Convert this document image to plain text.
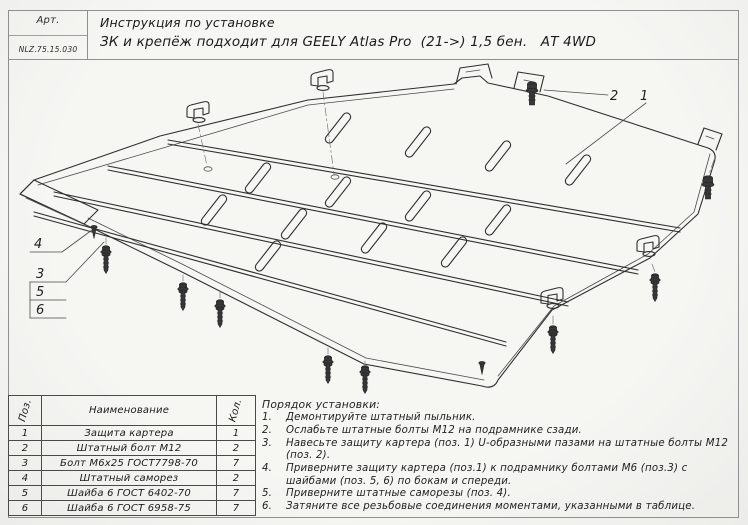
Арт.
NLZ.75.15.030
Инструкция по установке
ЗК и крепёж подходит для GEELY Atlas Pro  (21->) 1,5 бен.   АТ 4WD
2 1
4
3
5
6
Поз.	Наименование	Кол.
1	Защита картера	1
2	Штатный болт М12	2
3	Болт М6х25 ГОСТ7798-70	7
4	Штатный саморез	2
5	Шайба 6 ГОСТ 6402-70	7
6	Шайба 6 ГОСТ 6958-75	7
Порядок установки:
1.	Демонтируйте штатный пыльник.
2.	Ослабьте штатные болты М12 на подрамнике сзади.
3.	Навесьте защиту картера (поз. 1) U-образными пазами на штатные болты М12 (поз. 2).
4.	Приверните защиту картера (поз.1) к подрамнику болтами М6 (поз.3) с шайбами (поз. 5, 6) по бокам и спереди.
5.	Приверните штатные саморезы (поз. 4).
6.	Затяните все резьбовые соединения моментами, указанными в таблице.
